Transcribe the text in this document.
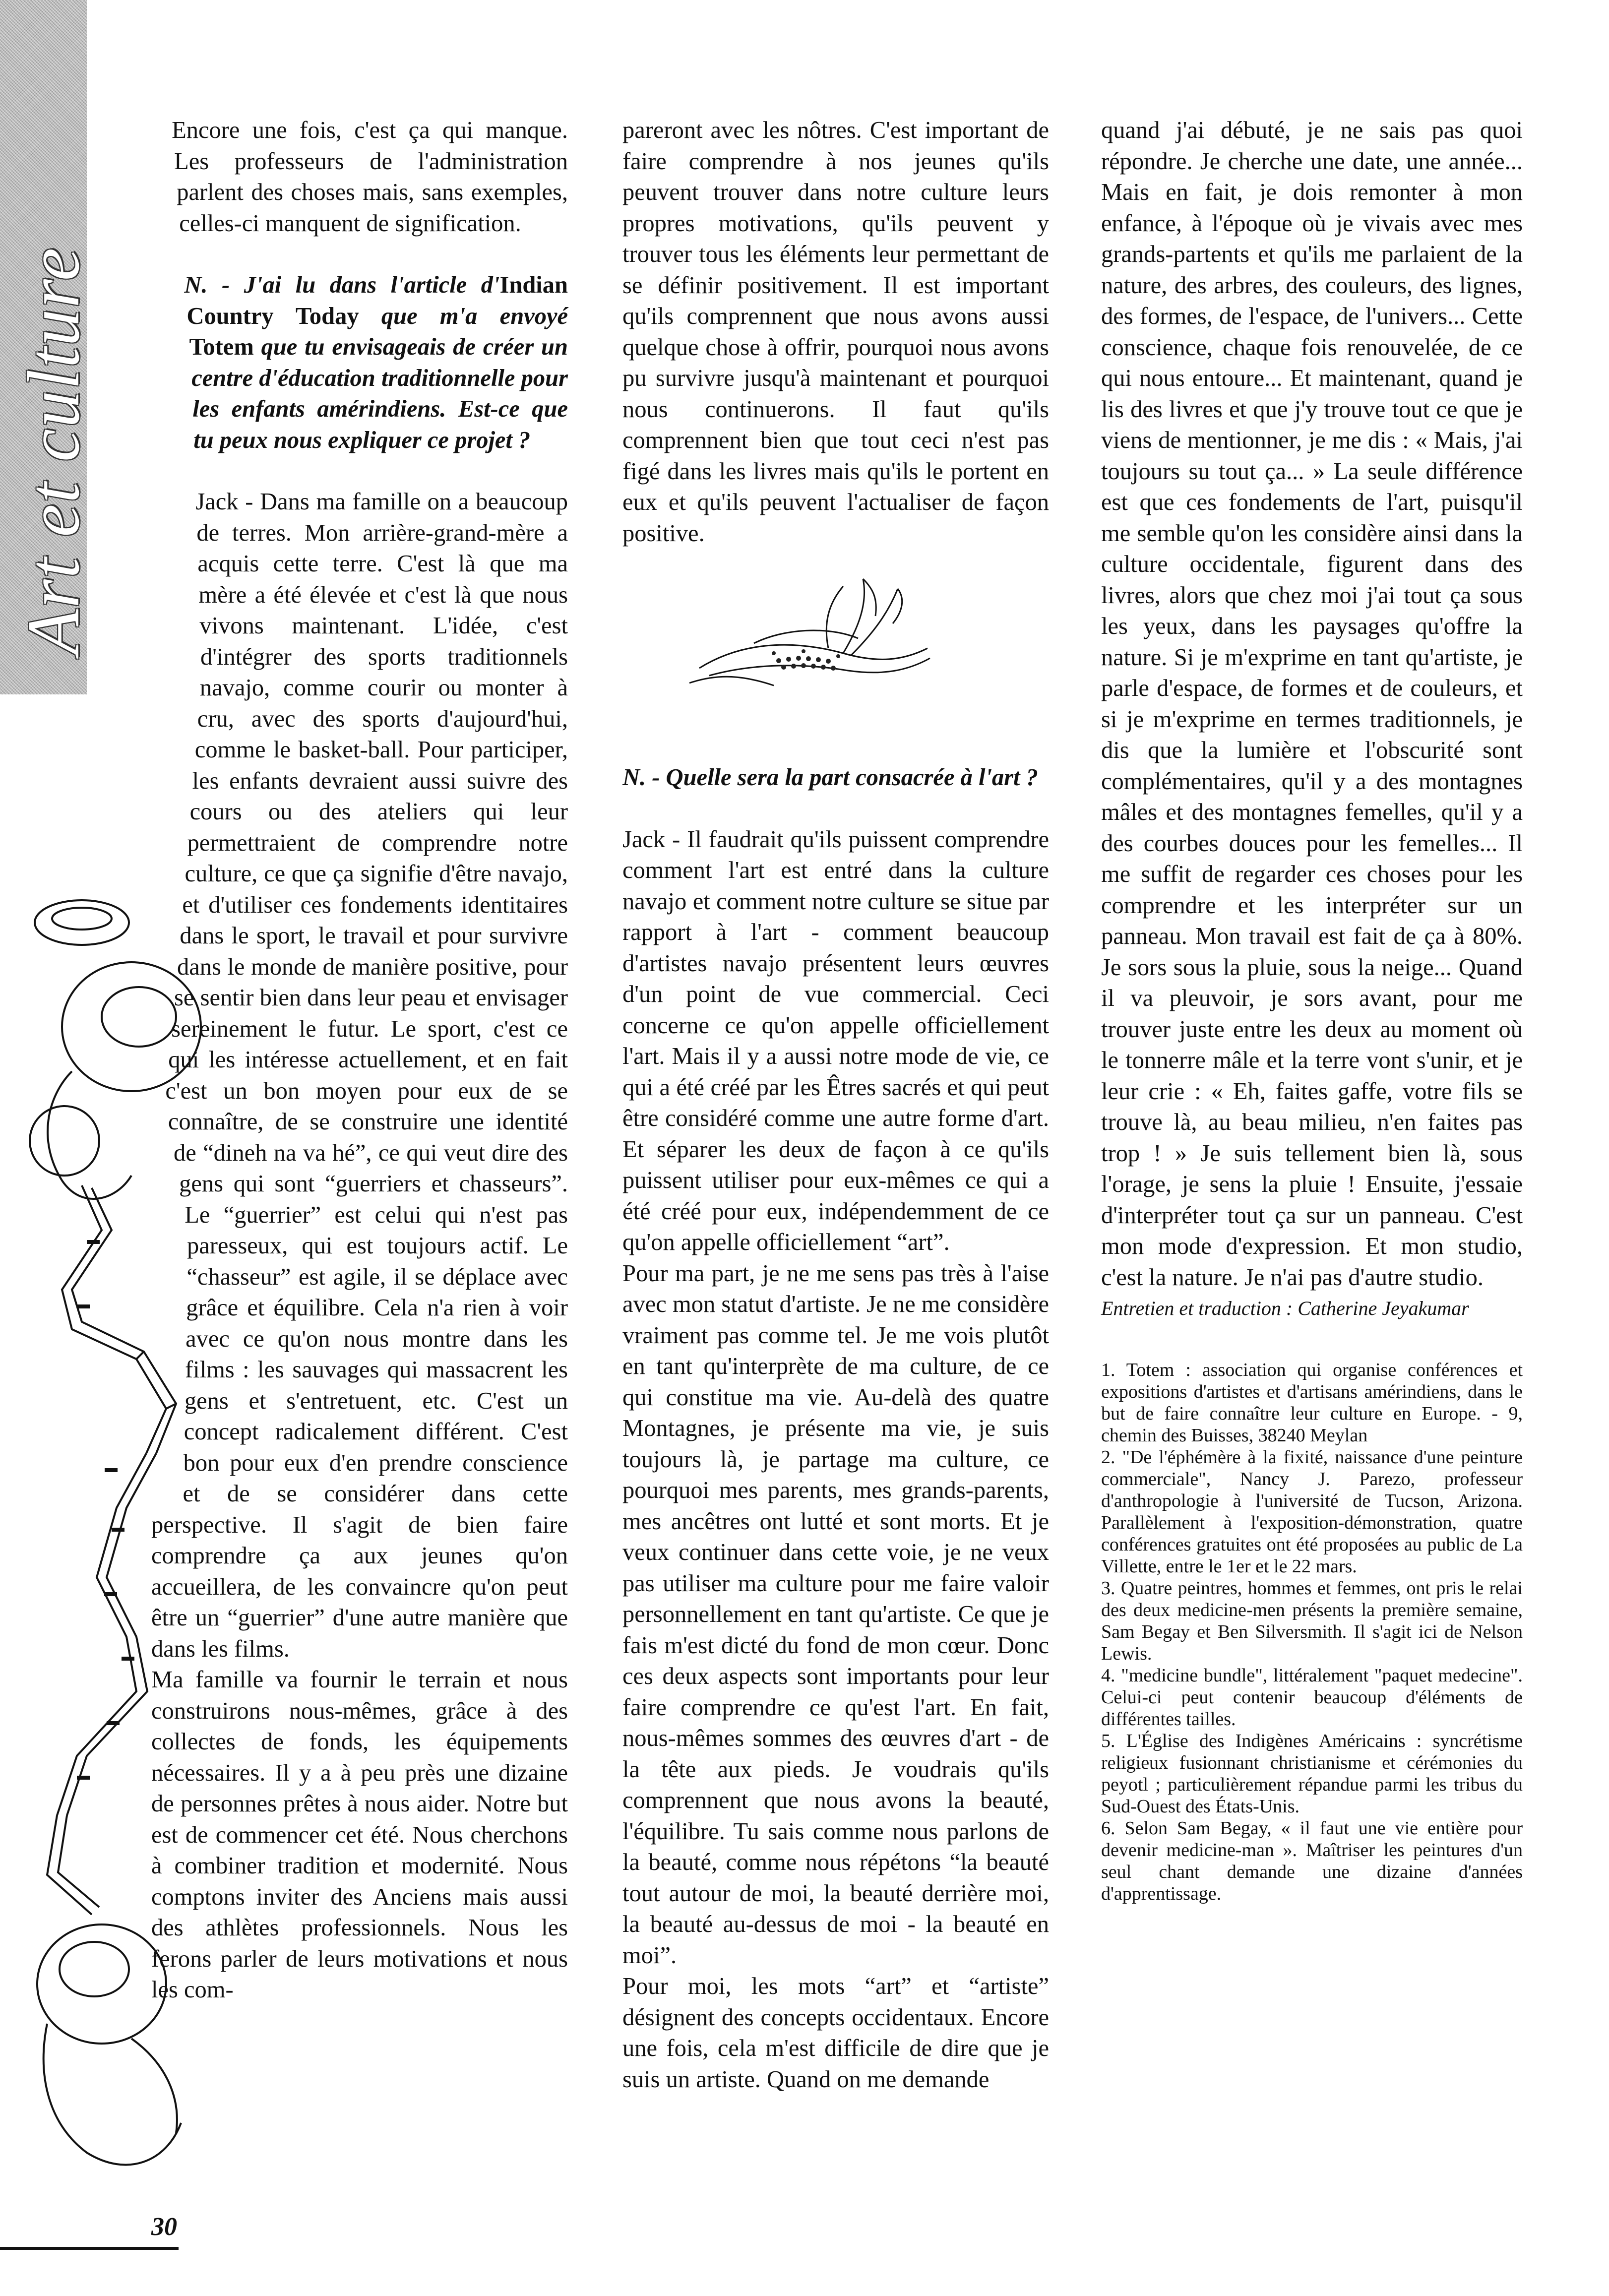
Art et culture

Encore une fois, c'est ça qui manque. Les professeurs de l'administration parlent des choses mais, sans exemples, celles-ci manquent de signification.

N. - J'ai lu dans l'article d'Indian Country Today que m'a envoyé Totem que tu envisageais de créer un centre d'éducation traditionnelle pour les enfants amérindiens. Est-ce que tu peux nous expliquer ce projet ?

Jack - Dans ma famille on a beaucoup de terres. Mon arrière-grand-mère a acquis cette terre. C'est là que ma mère a été élevée et c'est là que nous vivons maintenant. L'idée, c'est d'intégrer des sports traditionnels navajo, comme courir ou monter à cru, avec des sports d'aujourd'hui, comme le basket-ball. Pour participer, les enfants devraient aussi suivre des cours ou des ateliers qui leur permettraient de comprendre notre culture, ce que ça signifie d'être navajo, et d'utiliser ces fondements identitaires dans le sport, le travail et pour survivre dans le monde de manière positive, pour se sentir bien dans leur peau et envisager sereinement le futur. Le sport, c'est ce qui les intéresse actuellement, et en fait c'est un bon moyen pour eux de se connaître, de se construire une identité de “dineh na va hé”, ce qui veut dire des gens qui sont “guerriers et chasseurs”. Le “guerrier” est celui qui n'est pas paresseux, qui est toujours actif. Le “chasseur” est agile, il se déplace avec grâce et équilibre. Cela n'a rien à voir avec ce qu'on nous montre dans les films : les sauvages qui massacrent les gens et s'entretuent, etc. C'est un concept radicalement différent. C'est bon pour eux d'en prendre conscience et de se considérer dans cette perspective. Il s'agit de bien faire comprendre ça aux jeunes qu'on accueillera, de les convaincre qu'on peut être un “guerrier” d'une autre manière que dans les films.

Ma famille va fournir le terrain et nous construirons nous-mêmes, grâce à des collectes de fonds, les équipements nécessaires. Il y a à peu près une dizaine de personnes prêtes à nous aider. Notre but est de commencer cet été. Nous cherchons à combiner tradition et modernité. Nous comptons inviter des Anciens mais aussi des athlètes professionnels. Nous les ferons parler de leurs motivations et nous les com-

pareront avec les nôtres. C'est important de faire comprendre à nos jeunes qu'ils peuvent trouver dans notre culture leurs propres motivations, qu'ils peuvent y trouver tous les éléments leur permettant de se définir positivement. Il est important qu'ils comprennent que nous avons aussi quelque chose à offrir, pourquoi nous avons pu survivre jusqu'à maintenant et pourquoi nous continuerons. Il faut qu'ils comprennent bien que tout ceci n'est pas figé dans les livres mais qu'ils le portent en eux et qu'ils peuvent l'actualiser de façon positive.

N. - Quelle sera la part consacrée à l'art ?

Jack - Il faudrait qu'ils puissent comprendre comment l'art est entré dans la culture navajo et comment notre culture se situe par rapport à l'art - comment beaucoup d'artistes navajo présentent leurs œuvres d'un point de vue commercial. Ceci concerne ce qu'on appelle officiellement l'art. Mais il y a aussi notre mode de vie, ce qui a été créé par les Êtres sacrés et qui peut être considéré comme une autre forme d'art. Et séparer les deux de façon à ce qu'ils puissent utiliser pour eux-mêmes ce qui a été créé pour eux, indépendemment de ce qu'on appelle officiellement “art”.

Pour ma part, je ne me sens pas très à l'aise avec mon statut d'artiste. Je ne me considère vraiment pas comme tel. Je me vois plutôt en tant qu'interprète de ma culture, de ce qui constitue ma vie. Au-delà des quatre Montagnes, je présente ma vie, je suis toujours là, je partage ma culture, ce pourquoi mes parents, mes grands-parents, mes ancêtres ont lutté et sont morts. Et je veux continuer dans cette voie, je ne veux pas utiliser ma culture pour me faire valoir personnellement en tant qu'artiste. Ce que je fais m'est dicté du fond de mon cœur. Donc ces deux aspects sont importants pour leur faire comprendre ce qu'est l'art. En fait, nous-mêmes sommes des œuvres d'art - de la tête aux pieds. Je voudrais qu'ils comprennent que nous avons la beauté, l'équilibre. Tu sais comme nous parlons de la beauté, comme nous répétons “la beauté tout autour de moi, la beauté derrière moi, la beauté au-dessus de moi - la beauté en moi”.

Pour moi, les mots “art” et “artiste” désignent des concepts occidentaux. Encore une fois, cela m'est difficile de dire que je suis un artiste. Quand on me demande

quand j'ai débuté, je ne sais pas quoi répondre. Je cherche une date, une année... Mais en fait, je dois remonter à mon enfance, à l'époque où je vivais avec mes grands-partents et qu'ils me parlaient de la nature, des arbres, des couleurs, des lignes, des formes, de l'espace, de l'univers... Cette conscience, chaque fois renouvelée, de ce qui nous entoure... Et maintenant, quand je lis des livres et que j'y trouve tout ce que je viens de mentionner, je me dis : « Mais, j'ai toujours su tout ça... » La seule différence est que ces fondements de l'art, puisqu'il me semble qu'on les considère ainsi dans la culture occidentale, figurent dans des livres, alors que chez moi j'ai tout ça sous les yeux, dans les paysages qu'offre la nature. Si je m'exprime en tant qu'artiste, je parle d'espace, de formes et de couleurs, et si je m'exprime en termes traditionnels, je dis que la lumière et l'obscurité sont complémentaires, qu'il y a des montagnes mâles et des montagnes femelles, qu'il y a des courbes douces pour les femelles... Il me suffit de regarder ces choses pour les comprendre et les interpréter sur un panneau. Mon travail est fait de ça à 80%. Je sors sous la pluie, sous la neige... Quand il va pleuvoir, je sors avant, pour me trouver juste entre les deux au moment où le tonnerre mâle et la terre vont s'unir, et je leur crie : « Eh, faites gaffe, votre fils se trouve là, au beau milieu, n'en faites pas trop ! » Je suis tellement bien là, sous l'orage, je sens la pluie ! Ensuite, j'essaie d'interpréter tout ça sur un panneau. C'est mon mode d'expression. Et mon studio, c'est la nature. Je n'ai pas d'autre studio.

Entretien et traduction : Catherine Jeyakumar

1. Totem : association qui organise conférences et expositions d'artistes et d'artisans amérindiens, dans le but de faire connaître leur culture en Europe. - 9, chemin des Buisses, 38240 Meylan

2. "De l'éphémère à la fixité, naissance d'une peinture commerciale", Nancy J. Parezo, professeur d'anthropologie à l'université de Tucson, Arizona. Parallèlement à l'exposition-démonstration, quatre conférences gratuites ont été proposées au public de La Villette, entre le 1er et le 22 mars.

3. Quatre peintres, hommes et femmes, ont pris le relai des deux medicine-men présents la première semaine, Sam Begay et Ben Silversmith. Il s'agit ici de Nelson Lewis.

4. "medicine bundle", littéralement "paquet medecine". Celui-ci peut contenir beaucoup d'éléments de différentes tailles.

5. L'Église des Indigènes Américains : syncrétisme religieux fusionnant christianisme et cérémonies du peyotl ; particulièrement répandue parmi les tribus du Sud-Ouest des États-Unis.

6. Selon Sam Begay, « il faut une vie entière pour devenir medicine-man ». Maîtriser les peintures d'un seul chant demande une dizaine d'années d'apprentissage.

30
